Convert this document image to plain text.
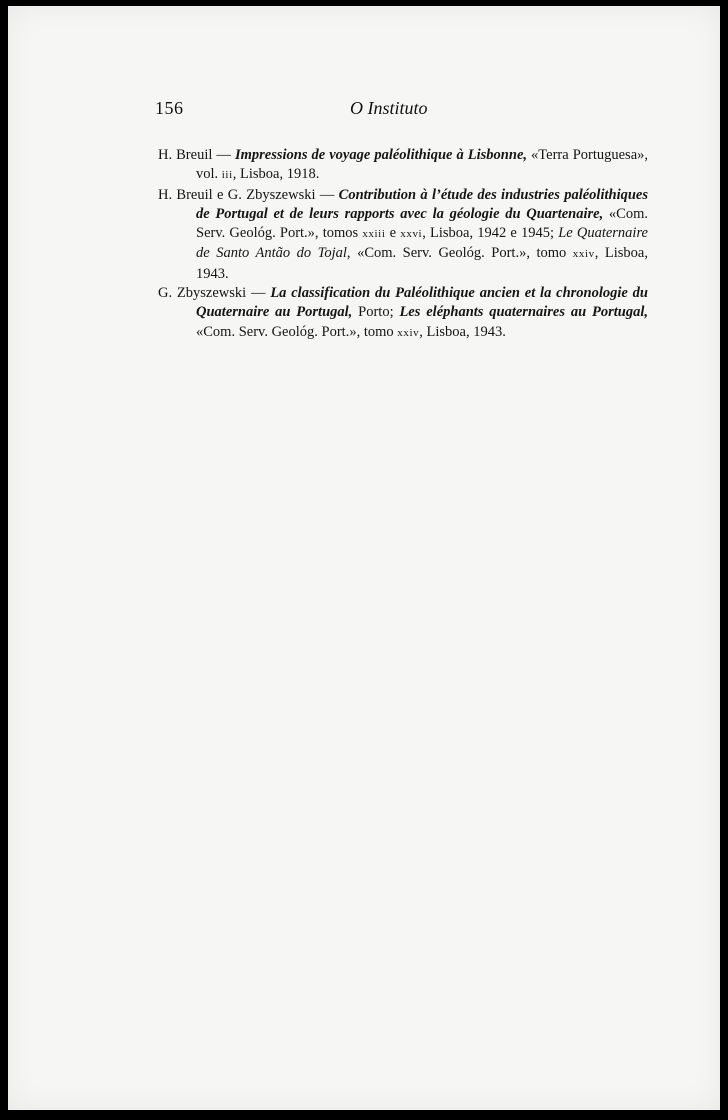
156	O Instituto

H. Breuil — Impressions de voyage paléolithique à Lisbonne, «Terra Portuguesa», vol. iii, Lisboa, 1918.

H. Breuil e G. Zbyszewski — Contribution à l’étude des industries paléolithiques de Portugal et de leurs rapports avec la géologie du Quartenaire, «Com. Serv. Geológ. Port.», tomos xxiii e xxvi, Lisboa, 1942 e 1945; Le Quaternaire de Santo Antão do Tojal, «Com. Serv. Geológ. Port.», tomo xxiv, Lisboa, 1943.

G. Zbyszewski — La classification du Paléolithique ancien et la chronologie du Quaternaire au Portugal, Porto; Les eléphants quaternaires au Portugal, «Com. Serv. Geológ. Port.», tomo xxiv, Lisboa, 1943.
